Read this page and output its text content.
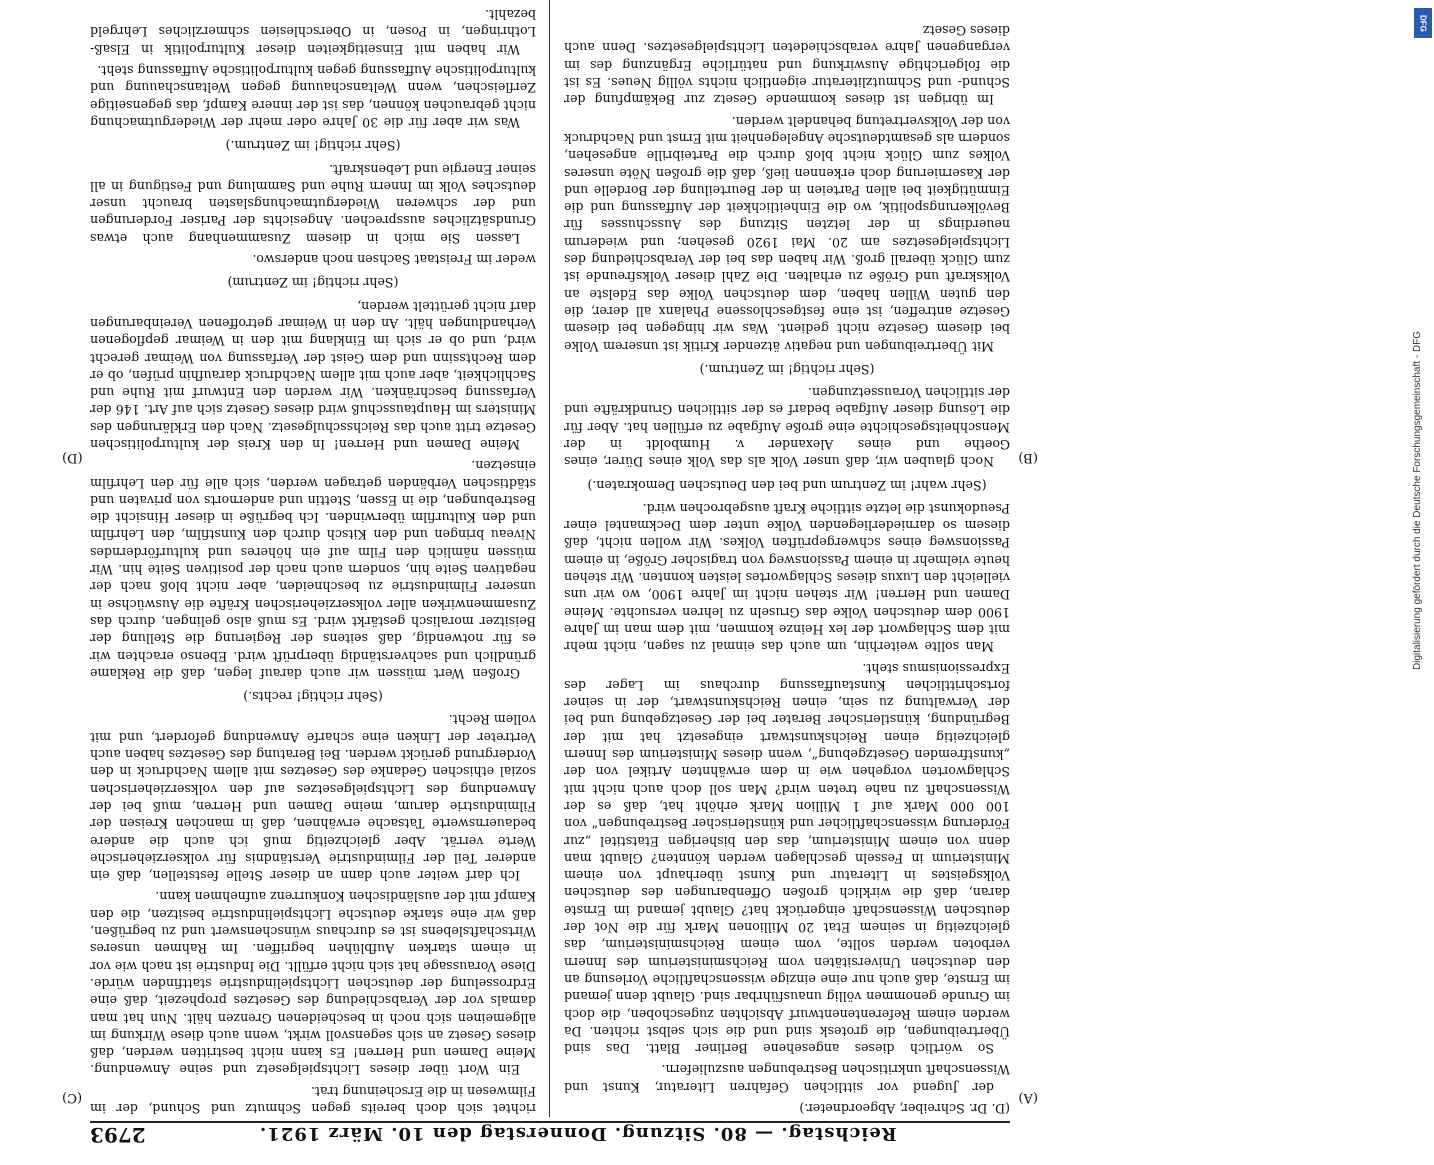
Reichstag. — 80. Sitzung. Donnerstag den 10. März 1921.
2793

(D. Dr. Schreiber, Abgeordneter.)

der Jugend vor sittlichen Gefahren Literatur, Kunst und Wissenschaft unkritischen Bestrebungen auszuliefern.

So wörtlich dieses angesehene Berliner Blatt. Das sind Übertreibungen, die grotesk sind und die sich selbst richten. Da werden einem Referentenentwurf Absichten zugeschoben, die doch im Grunde genommen völlig unausführbar sind. Glaubt denn jemand im Ernste, daß auch nur eine einzige wissenschaftliche Vorlesung an den deutschen Universitäten vom Reichsministerium des Innern verboten werden sollte, vom einem Reichsministerium, das gleichzeitig in seinem Etat 20 Millionen Mark für die Not der deutschen Wissenschaft eingerückt hat? Glaubt jemand im Ernste daran, daß die wirklich großen Offenbarungen des deutschen Volksgeistes in Literatur und Kunst überhaupt von einem Ministerium in Fesseln geschlagen werden könnten? Glaubt man denn von einem Ministerium, das den bisherigen Etatstitel „zur Förderung wissenschaftlicher und künstlerischer Bestrebungen“ von 100 000 Mark auf 1 Million Mark erhöht hat, daß es der Wissenschaft zu nahe treten wird? Man soll doch auch nicht mit Schlagworten vorgehen wie in dem erwähnten Artikel von der „kunstfremden Gesetzgebung“, wenn dieses Ministerium des Innern gleichzeitig einen Reichskunstwart eingesetzt hat mit der Begründung, künstlerischer Berater bei der Gesetzgebung und bei der Verwaltung zu sein, einen Reichskunstwart, der in seiner fortschrittlichen Kunstauffassung durchaus im Lager des Expressionismus steht.

Man sollte weiterhin, um auch das einmal zu sagen, nicht mehr mit dem Schlagwort der lex Heinze kommen, mit dem man im Jahre 1900 dem deutschen Volke das Gruseln zu lehren versuchte. Meine Damen und Herren! Wir stehen nicht im Jahre 1900, wo wir uns vielleicht den Luxus dieses Schlagwortes leisten konnten. Wir stehen heute vielmehr in einem Passionsweg von tragischer Größe, in einem Passionsweg eines schwergeprüften Volkes. Wir wollen nicht, daß diesem so darniederliegenden Volke unter dem Deckmantel einer Pseudokunst die letzte sittliche Kraft ausgebrochen wird.

(Sehr wahr! im Zentrum und bei den Deutschen Demokraten.)

Noch glauben wir, daß unser Volk als das Volk eines Dürer, eines Goethe und eines Alexander v. Humboldt in der Menschheitsgeschichte eine große Aufgabe zu erfüllen hat. Aber für die Lösung dieser Aufgabe bedarf es der sittlichen Grundkräfte und der sittlichen Voraussetzungen.

(Sehr richtig! im Zentrum.)

Mit Übertreibungen und negativ ätzender Kritik ist unserem Volke bei diesem Gesetze nicht gedient. Was wir hingegen bei diesem Gesetze antreffen, ist eine festgeschlossene Phalanx all derer, die den guten Willen haben, dem deutschen Volke das Edelste an Volkskraft und Größe zu erhalten. Die Zahl dieser Volksfreunde ist zum Glück überall groß. Wir haben das bei der Verabschiedung des Lichtspielgesetzes am 20. Mai 1920 gesehen; und wiederum neuerdings in der letzten Sitzung des Ausschusses für Bevölkerungspolitik, wo die Einheitlichkeit der Auffassung und die Einmütigkeit bei allen Parteien in der Beurteilung der Bordelle und der Kasernierung doch erkennen ließ, daß die großen Nöte unseres Volkes zum Glück nicht bloß durch die Parteibrille angesehen, sondern als gesamtdeutsche Angelegenheit mit Ernst und Nachdruck von der Volksvertretung behandelt werden.

Im übrigen ist dieses kommende Gesetz zur Bekämpfung der Schund- und Schmutzliteratur eigentlich nichts völlig Neues. Es ist die folgerichtige Auswirkung und natürliche Ergänzung des im vergangenen Jahre verabschiedeten Lichtspielgesetzes. Denn auch dieses Gesetz

richtet sich doch bereits gegen Schmutz und Schund, der im Filmwesen in die Erscheinung trat.

Ein Wort über dieses Lichtspielgesetz und seine Anwendung. Meine Damen und Herren! Es kann nicht bestritten werden, daß dieses Gesetz an sich segensvoll wirkt, wenn auch diese Wirkung im allgemeinen sich noch in bescheidenen Grenzen hält. Nun hat man damals vor der Verabschiedung des Gesetzes prophezeit, daß eine Erdrosselung der deutschen Lichtspielindustrie stattfinden würde. Diese Voraussage hat sich nicht erfüllt. Die Industrie ist nach wie vor in einem starken Aufblühen begriffen. Im Rahmen unseres Wirtschaftslebens ist es durchaus wünschenswert und zu begrüßen, daß wir eine starke deutsche Lichtspielindustrie besitzen, die den Kampf mit der ausländischen Konkurrenz aufnehmen kann.

Ich darf weiter auch dann an dieser Stelle feststellen, daß ein anderer Teil der Filmindustrie Verständnis für volkserzieherische Werte verrät. Aber gleichzeitig muß ich auch die andere bedauernswerte Tatsache erwähnen, daß in manchen Kreisen der Filmindustrie darum, meine Damen und Herren, muß bei der Anwendung des Lichtspielgesetzes auf den volkserzieherischen sozial ethischen Gedanke des Gesetzes mit allem Nachdruck in den Vordergrund gerückt werden. Bei Beratung des Gesetzes haben auch Vertreter der Linken eine scharfe Anwendung gefordert, und mit vollem Recht.

(Sehr richtig! rechts.)

Großen Wert müssen wir auch darauf legen, daß die Reklame gründlich und sachverständig überprüft wird. Ebenso erachten wir es für notwendig, daß seitens der Regierung die Stellung der Beisitzer moralisch gestärkt wird. Es muß also gelingen, durch das Zusammenwirken aller volkserzieherischen Kräfte die Auswüchse in unserer Filmindustrie zu beschneiden, aber nicht bloß nach der negativen Seite hin, sondern auch nach der positiven Seite hin. Wir müssen nämlich den Film auf ein höheres und kulturförderndes Niveau bringen und den Kitsch durch den Kunstfilm, den Lehrfilm und den Kulturfilm überwinden. Ich begrüße in dieser Hinsicht die Bestrebungen, die in Essen, Stettin und andernorts von privaten und städtischen Verbänden getragen werden, sich alle für den Lehrfilm einsetzen.

Meine Damen und Herren! In den Kreis der kulturpolitischen Gesetze tritt auch das Reichsschulgesetz. Nach den Erklärungen des Ministers im Hauptausschuß wird dieses Gesetz sich auf Art. 146 der Verfassung beschränken. Wir werden den Entwurf mit Ruhe und Sachlichkeit, aber auch mit allem Nachdruck daraufhin prüfen, ob er dem Rechtssinn und dem Geist der Verfassung von Weimar gerecht wird, und ob er sich im Einklang mit den in Weimar gepflogenen Verhandlungen hält. An den in Weimar getroffenen Vereinbarungen darf nicht gerüttelt werden,

(Sehr richtig! im Zentrum)

weder im Freistaat Sachsen noch anderswo.

Lassen Sie mich in diesem Zusammenhang auch etwas Grundsätzliches aussprechen. Angesichts der Pariser Forderungen und der schweren Wiedergutmachungslasten braucht unser deutsches Volk im Innern Ruhe und Sammlung und Festigung in all seiner Energie und Lebenskraft.

(Sehr richtig! im Zentrum.)

Was wir aber für die 30 Jahre oder mehr der Wiedergutmachung nicht gebrauchen können, das ist der innere Kampf, das gegenseitige Zerfleischen, wenn Weltanschauung gegen Weltanschauung und kulturpolitische Auffassung gegen kulturpolitische Auffassung steht.

Wir haben mit Einseitigkeiten dieser Kulturpolitik in Elsaß-Lothringen, in Posen, in Oberschlesien schmerzliches Lehrgeld bezahlt.

(A)
(B)
(C)
(D)	Digitalisierung gefördert durch die Deutsche Forschungsgemeinschaft - DFG
DFG
